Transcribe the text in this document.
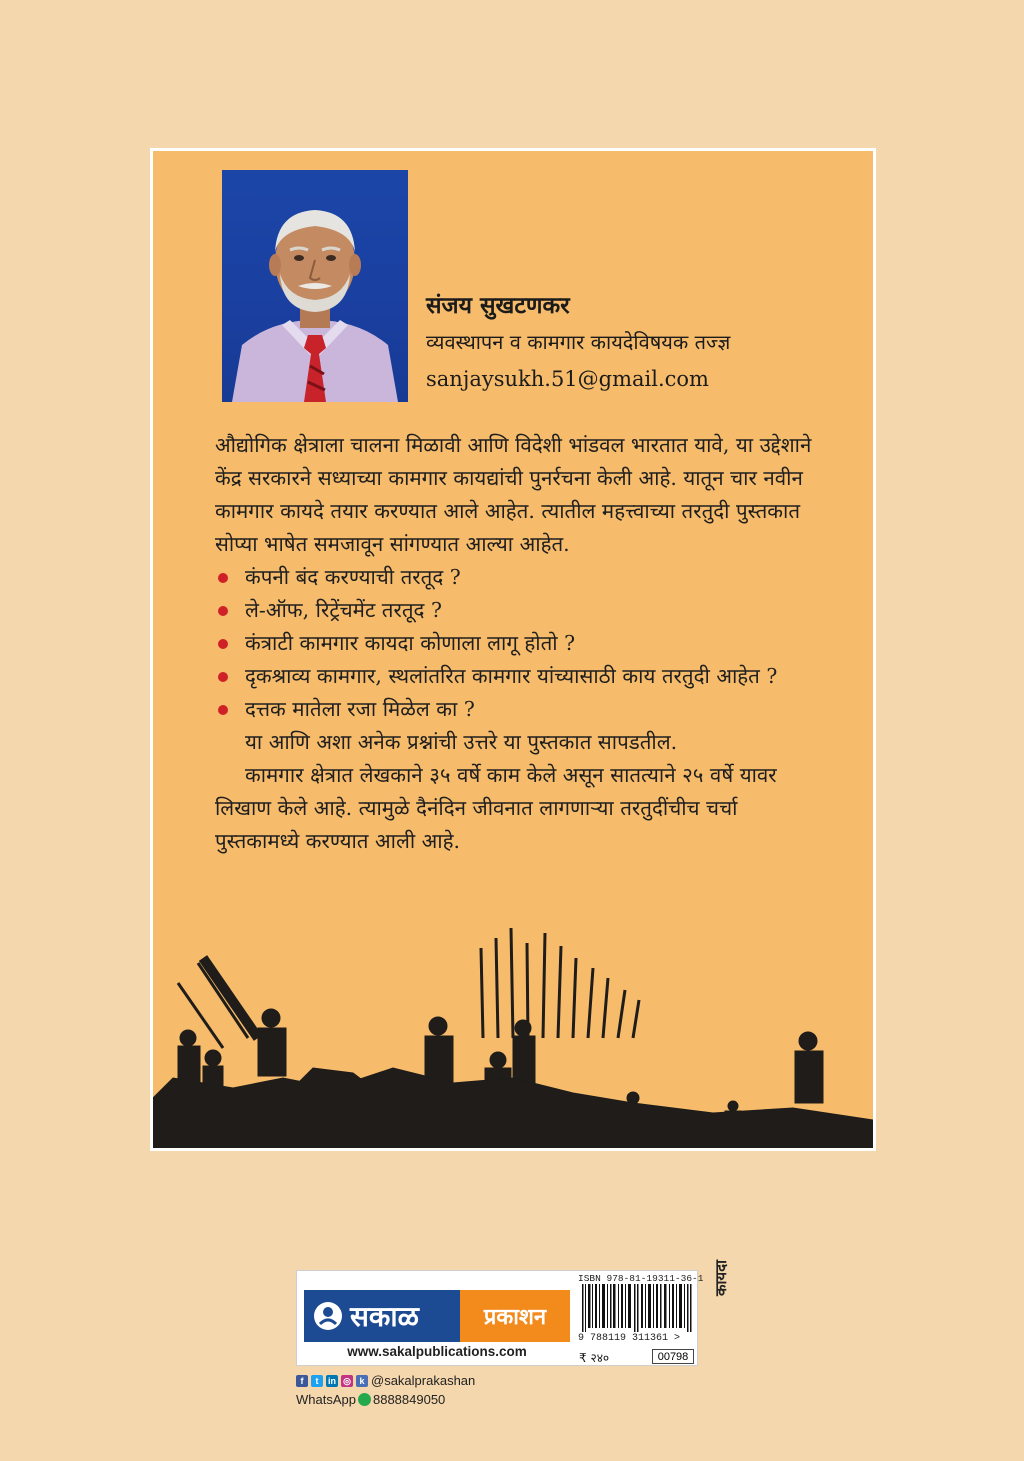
संजय सुखटणकर
व्यवस्थापन व कामगार कायदेविषयक तज्ज्ञ
sanjaysukh.51@gmail.com

औद्योगिक क्षेत्राला चालना मिळावी आणि विदेशी भांडवल भारतात यावे, या उद्देशाने केंद्र सरकारने सध्याच्या कामगार कायद्यांची पुनर्रचना केली आहे. यातून चार नवीन कामगार कायदे तयार करण्यात आले आहेत. त्यातील महत्त्वाच्या तरतुदी पुस्तकात सोप्या भाषेत समजावून सांगण्यात आल्या आहेत.

कंपनी बंद करण्याची तरतूद ?
ले-ऑफ, रिट्रेंचमेंट तरतूद ?
कंत्राटी कामगार कायदा कोणाला लागू होतो ?
दृकश्राव्य कामगार, स्थलांतरित कामगार यांच्यासाठी काय तरतुदी आहेत ?
दत्तक मातेला रजा मिळेल का ?

या आणि अशा अनेक प्रश्नांची उत्तरे या पुस्तकात सापडतील.

कामगार क्षेत्रात लेखकाने ३५ वर्षे काम केले असून सातत्याने २५ वर्षे यावर लिखाण केले आहे. त्यामुळे दैनंदिन जीवनात लागणाऱ्या तरतुदींचीच चर्चा पुस्तकामध्ये करण्यात आली आहे.

सकाळ	प्रकाशन
www.sakalpublications.com
ISBN 978-81-19311-36-1
9 788119 311361 >
₹ २४०	00798
कायदा
f	t	in ◎ k @sakalprakashan
WhatsApp 8888849050
